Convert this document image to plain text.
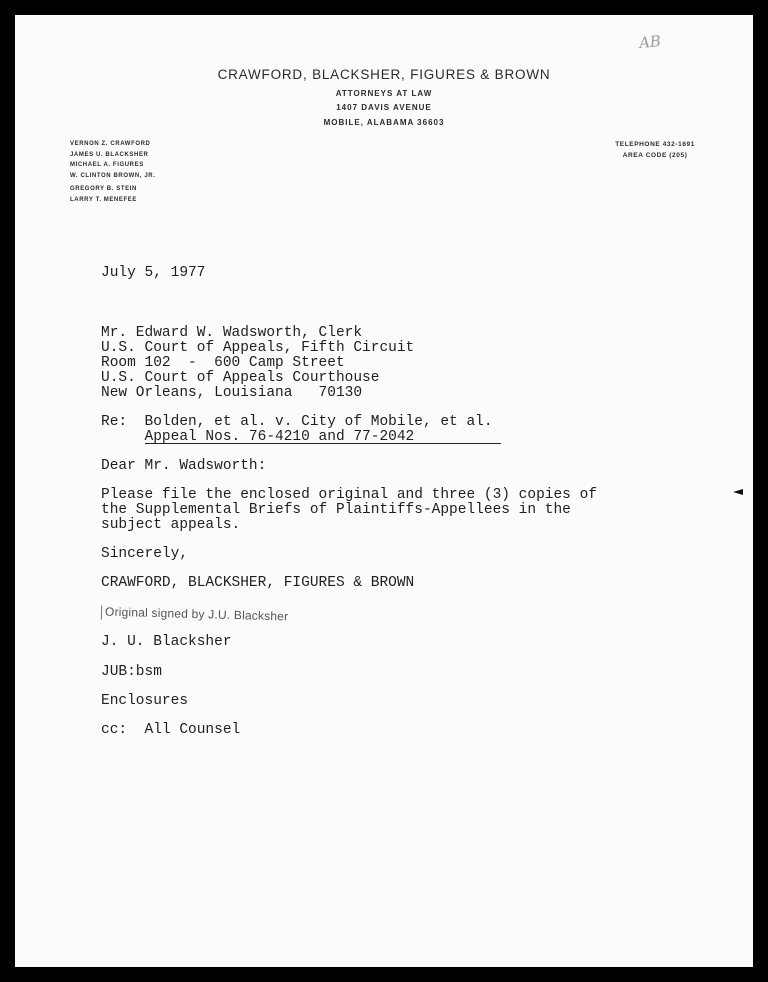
AB
CRAWFORD, BLACKSHER, FIGURES & BROWN
ATTORNEYS AT LAW
1407 DAVIS AVENUE
MOBILE, ALABAMA 36603
VERNON Z. CRAWFORD
JAMES U. BLACKSHER
MICHAEL A. FIGURES
W. CLINTON BROWN, JR.
GREGORY B. STEIN
LARRY T. MENEFEE
TELEPHONE 432-1691
AREA CODE (205)

July 5, 1977

Mr. Edward W. Wadsworth, Clerk

U.S. Court of Appeals, Fifth Circuit

Room 102  -  600 Camp Street

U.S. Court of Appeals Courthouse

New Orleans, Louisiana   70130

Re:  Bolden, et al. v. City of Mobile, et al.

Appeal Nos. 76-4210 and 77-2042

Dear Mr. Wadsworth:

Please file the enclosed original and three (3) copies of

the Supplemental Briefs of Plaintiffs-Appellees in the

subject appeals.

Sincerely,

CRAWFORD, BLACKSHER, FIGURES & BROWN

J. U. Blacksher

JUB:bsm

Enclosures

cc:  All Counsel

Original signed by J.U. Blacksher
